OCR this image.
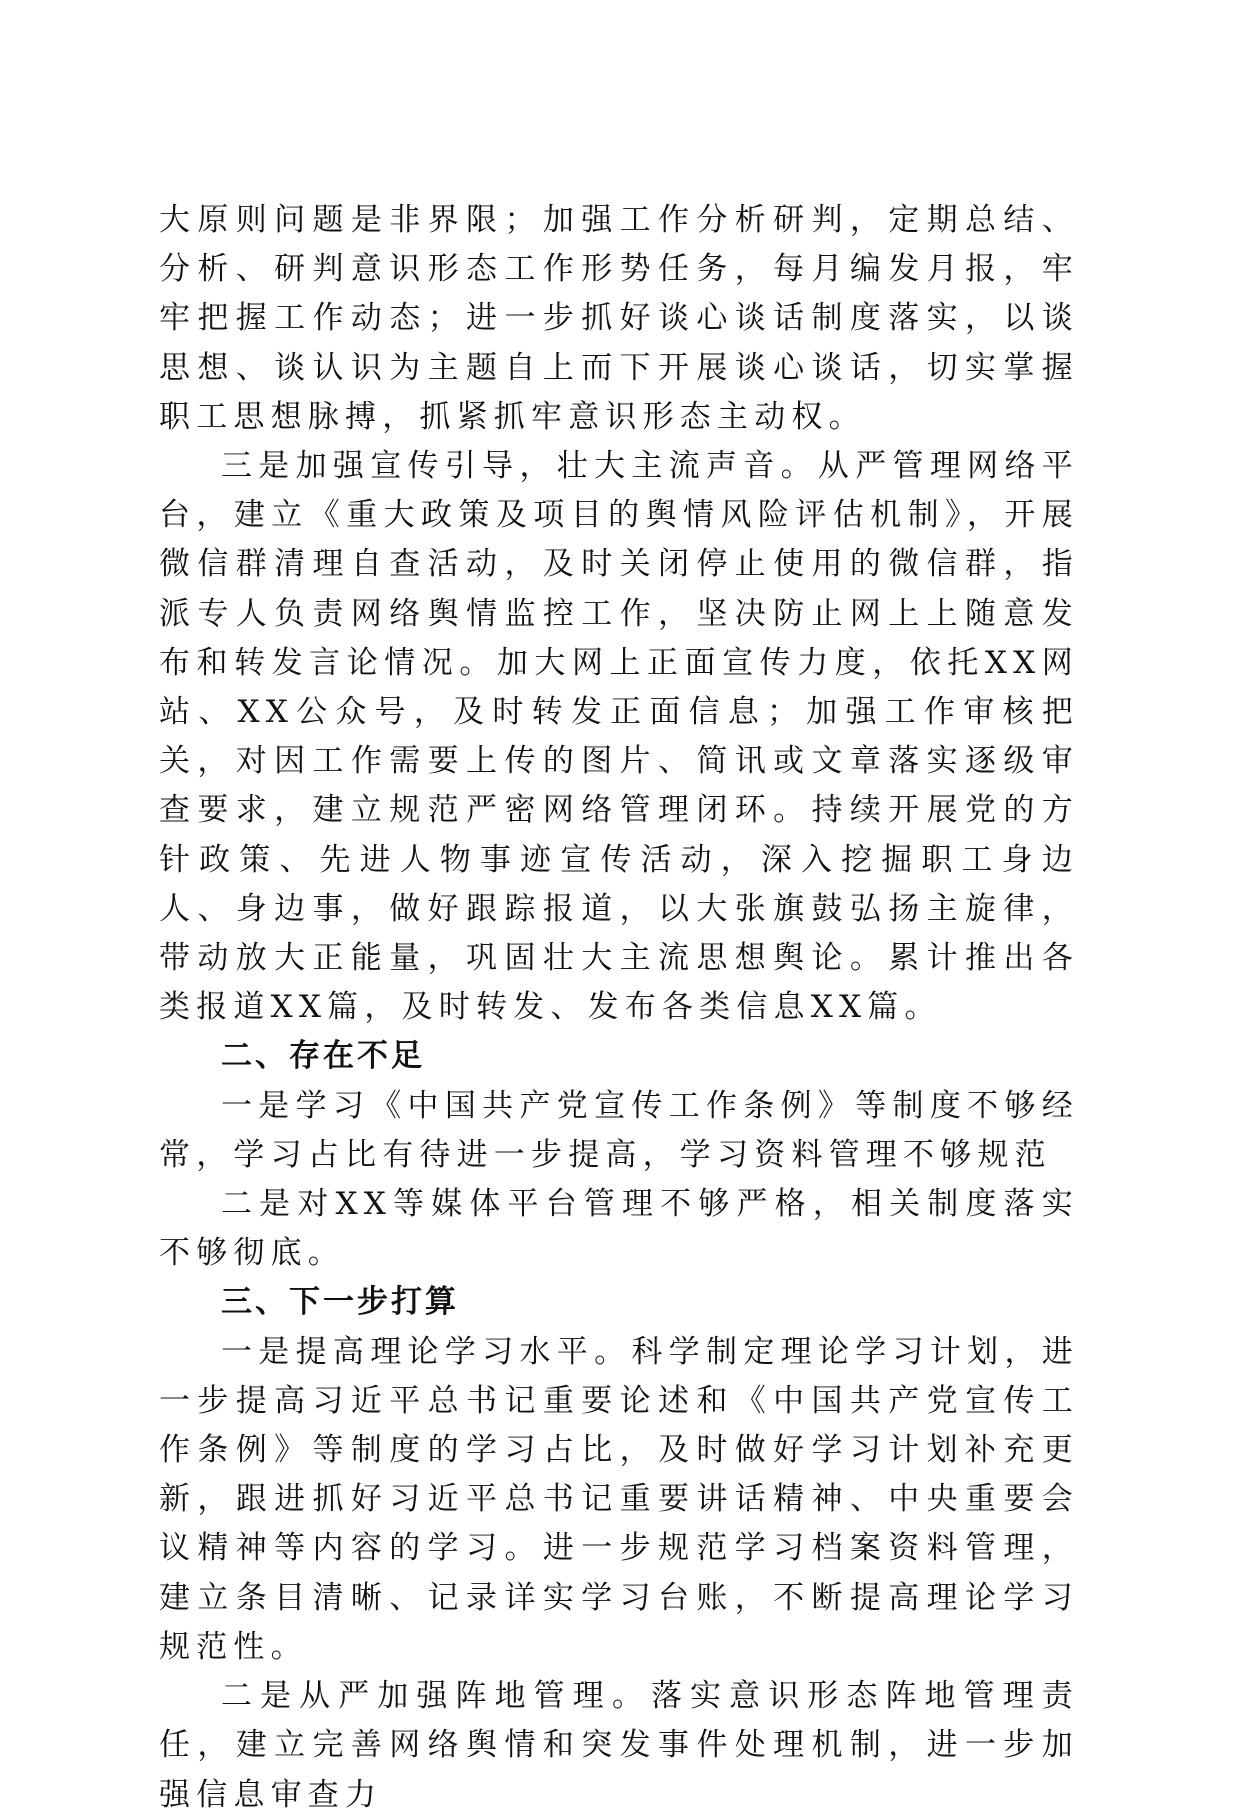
大原则问题是非界限；加强工作分析研判，定期总结、分析、研判意识形态工作形势任务，每月编发月报，牢牢把握工作动态；进一步抓好谈心谈话制度落实，以谈思想、谈认识为主题自上而下开展谈心谈话，切实掌握职工思想脉搏，抓紧抓牢意识形态主动权。

三是加强宣传引导，壮大主流声音。从严管理网络平台，建立《重大政策及项目的舆情风险评估机制》，开展微信群清理自查活动，及时关闭停止使用的微信群，指派专人负责网络舆情监控工作，坚决防止网上上随意发布和转发言论情况。加大网上正面宣传力度，依托XX网站、XX公众号，及时转发正面信息；加强工作审核把关，对因工作需要上传的图片、简讯或文章落实逐级审查要求，建立规范严密网络管理闭环。持续开展党的方针政策、先进人物事迹宣传活动，深入挖掘职工身边人、身边事，做好跟踪报道，以大张旗鼓弘扬主旋律，带动放大正能量，巩固壮大主流思想舆论。累计推出各类报道XX篇，及时转发、发布各类信息XX篇。

二、存在不足

一是学习《中国共产党宣传工作条例》等制度不够经常，学习占比有待进一步提高，学习资料管理不够规范

二是对XX等媒体平台管理不够严格，相关制度落实不够彻底。

三、下一步打算

一是提高理论学习水平。科学制定理论学习计划，进一步提高习近平总书记重要论述和《中国共产党宣传工作条例》等制度的学习占比，及时做好学习计划补充更新，跟进抓好习近平总书记重要讲话精神、中央重要会议精神等内容的学习。进一步规范学习档案资料管理，建立条目清晰、记录详实学习台账，不断提高理论学习规范性。

二是从严加强阵地管理。落实意识形态阵地管理责任，建立完善网络舆情和突发事件处理机制，进一步加强信息审查力
